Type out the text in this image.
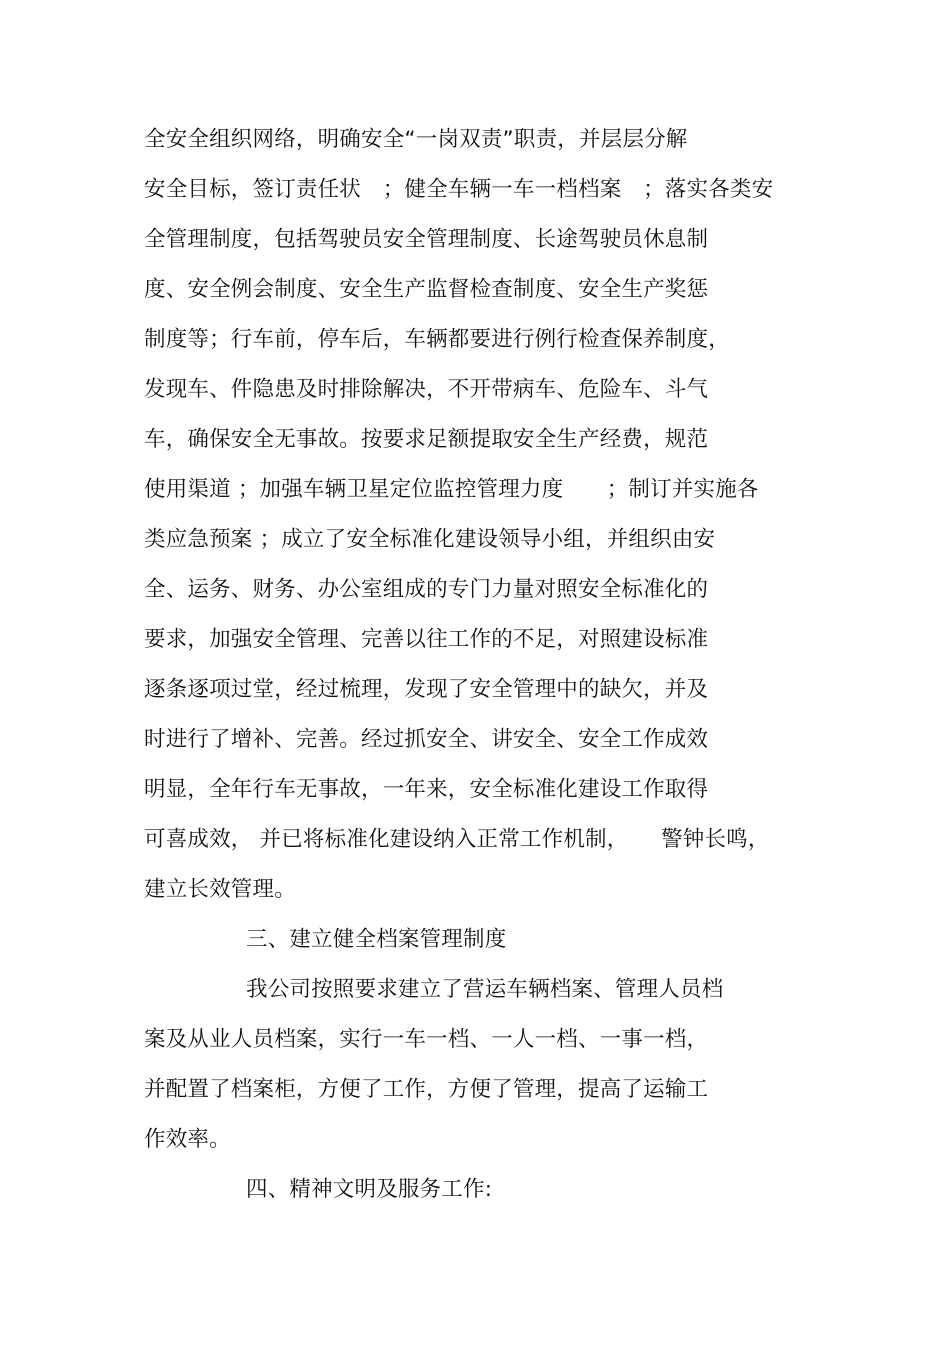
全安全组织网络，明确安全“一岗双责”职责，并层层分解
安全目标，签订责任状　；健全车辆一车一档档案　；落实各类安
全管理制度，包括驾驶员安全管理制度、长途驾驶员休息制
度、安全例会制度、安全生产监督检查制度、安全生产奖惩
制度等；行车前，停车后，车辆都要进行例行检查保养制度，
发现车、件隐患及时排除解决，不开带病车、危险车、斗气
车，确保安全无事故。按要求足额提取安全生产经费，规范
使用渠道 ；加强车辆卫星定位监控管理力度　　；制订并实施各
类应急预案 ；成立了安全标准化建设领导小组，并组织由安
全、运务、财务、办公室组成的专门力量对照安全标准化的
要求，加强安全管理、完善以往工作的不足，对照建设标准
逐条逐项过堂，经过梳理，发现了安全管理中的缺欠，并及
时进行了增补、完善。经过抓安全、讲安全、安全工作成效
明显，全年行车无事故，一年来，安全标准化建设工作取得
可喜成效， 并已将标准化建设纳入正常工作机制，　　警钟长鸣，
建立长效管理。
三、建立健全档案管理制度
我公司按照要求建立了营运车辆档案、管理人员档
案及从业人员档案，实行一车一档、一人一档、一事一档，
并配置了档案柜，方便了工作，方便了管理，提高了运输工
作效率。
四、精神文明及服务工作:
